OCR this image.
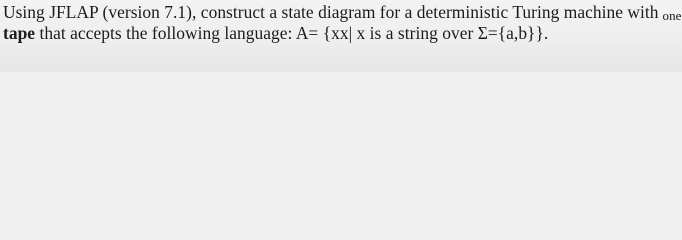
Using JFLAP (version 7.1), construct a state diagram for a deterministic Turing machine with one
tape that accepts the following language: A= {xx| x is a string over Σ={a,b}}.
